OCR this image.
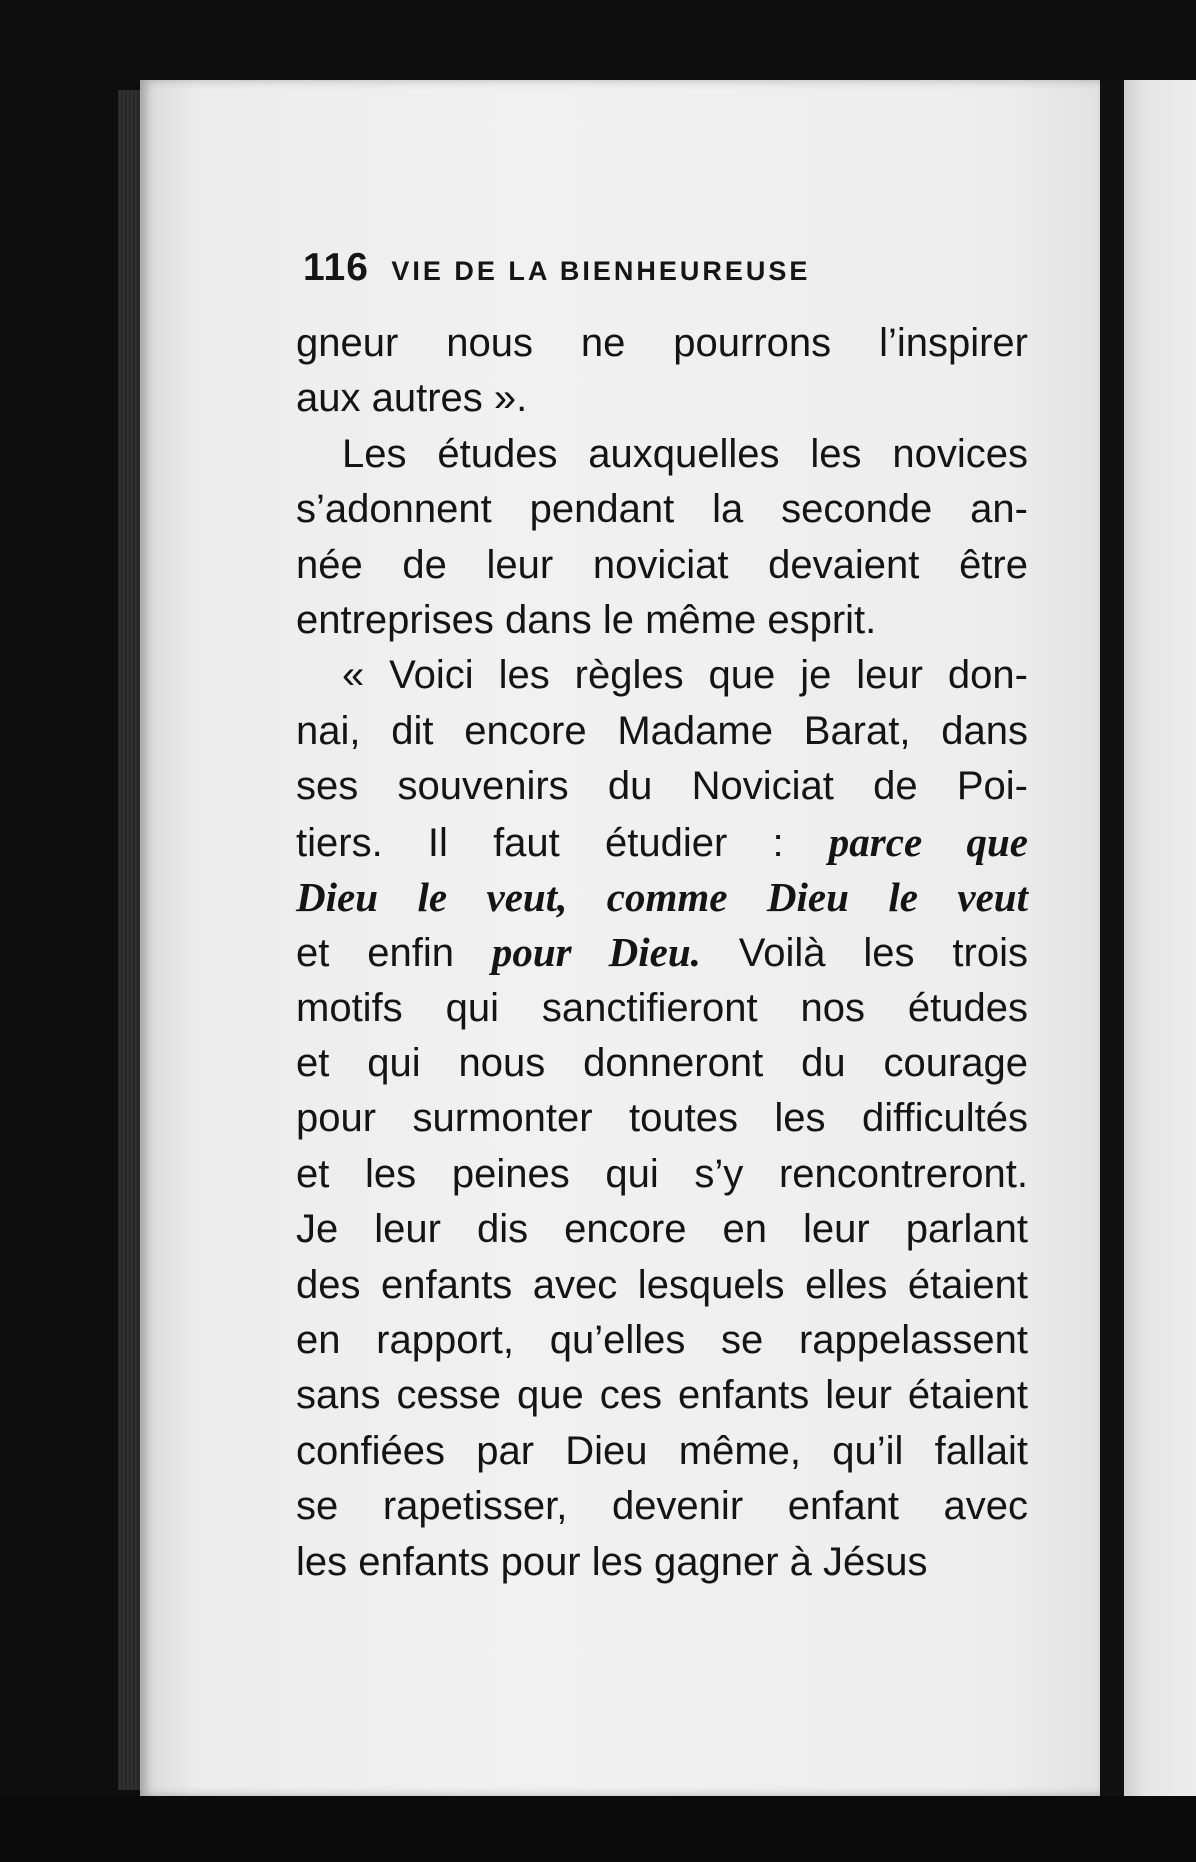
116 VIE DE LA BIENHEUREUSE
gneur nous ne pourrons l’inspirer
aux autres ».
Les études auxquelles les novices
s’adonnent pendant la seconde an-
née de leur noviciat devaient être
entreprises dans le même esprit.
« Voici les règles que je leur don-
nai, dit encore Madame Barat, dans
ses souvenirs du Noviciat de Poi-
tiers. Il faut étudier : parce que
Dieu le veut, comme Dieu le veut
et enfin pour Dieu. Voilà les trois
motifs qui sanctifieront nos études
et qui nous donneront du courage
pour surmonter toutes les difficultés
et les peines qui s’y rencontreront.
Je leur dis encore en leur parlant
des enfants avec lesquels elles étaient
en rapport, qu’elles se rappelassent
sans cesse que ces enfants leur étaient
confiées par Dieu même, qu’il fallait
se rapetisser, devenir enfant avec
les enfants pour les gagner à Jésus
